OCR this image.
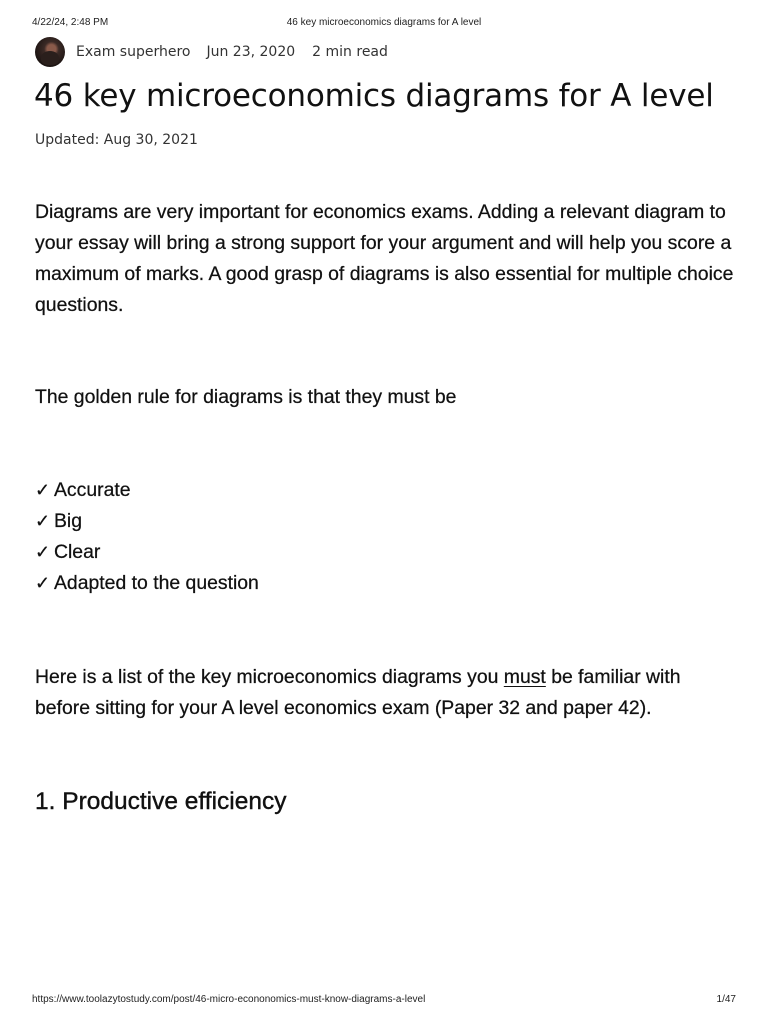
4/22/24, 2:48 PM	46 key microeconomics diagrams for A level
Exam superhero Jun 23, 2020 2 min read
46 key microeconomics diagrams for A level
Updated: Aug 30, 2021

Diagrams are very important for economics exams. Adding a relevant diagram to your essay will bring a strong support for your argument and will help you score a maximum of marks. A good grasp of diagrams is also essential for multiple choice questions.

The golden rule for diagrams is that they must be

✓ Accurate
✓ Big
✓ Clear
✓ Adapted to the question

Here is a list of the key microeconomics diagrams you must be familiar with before sitting for your A level economics exam (Paper 32 and paper 42).

1. Productive efficiency
https://www.toolazytostudy.com/post/46-micro-econonomics-must-know-diagrams-a-level	1/47
